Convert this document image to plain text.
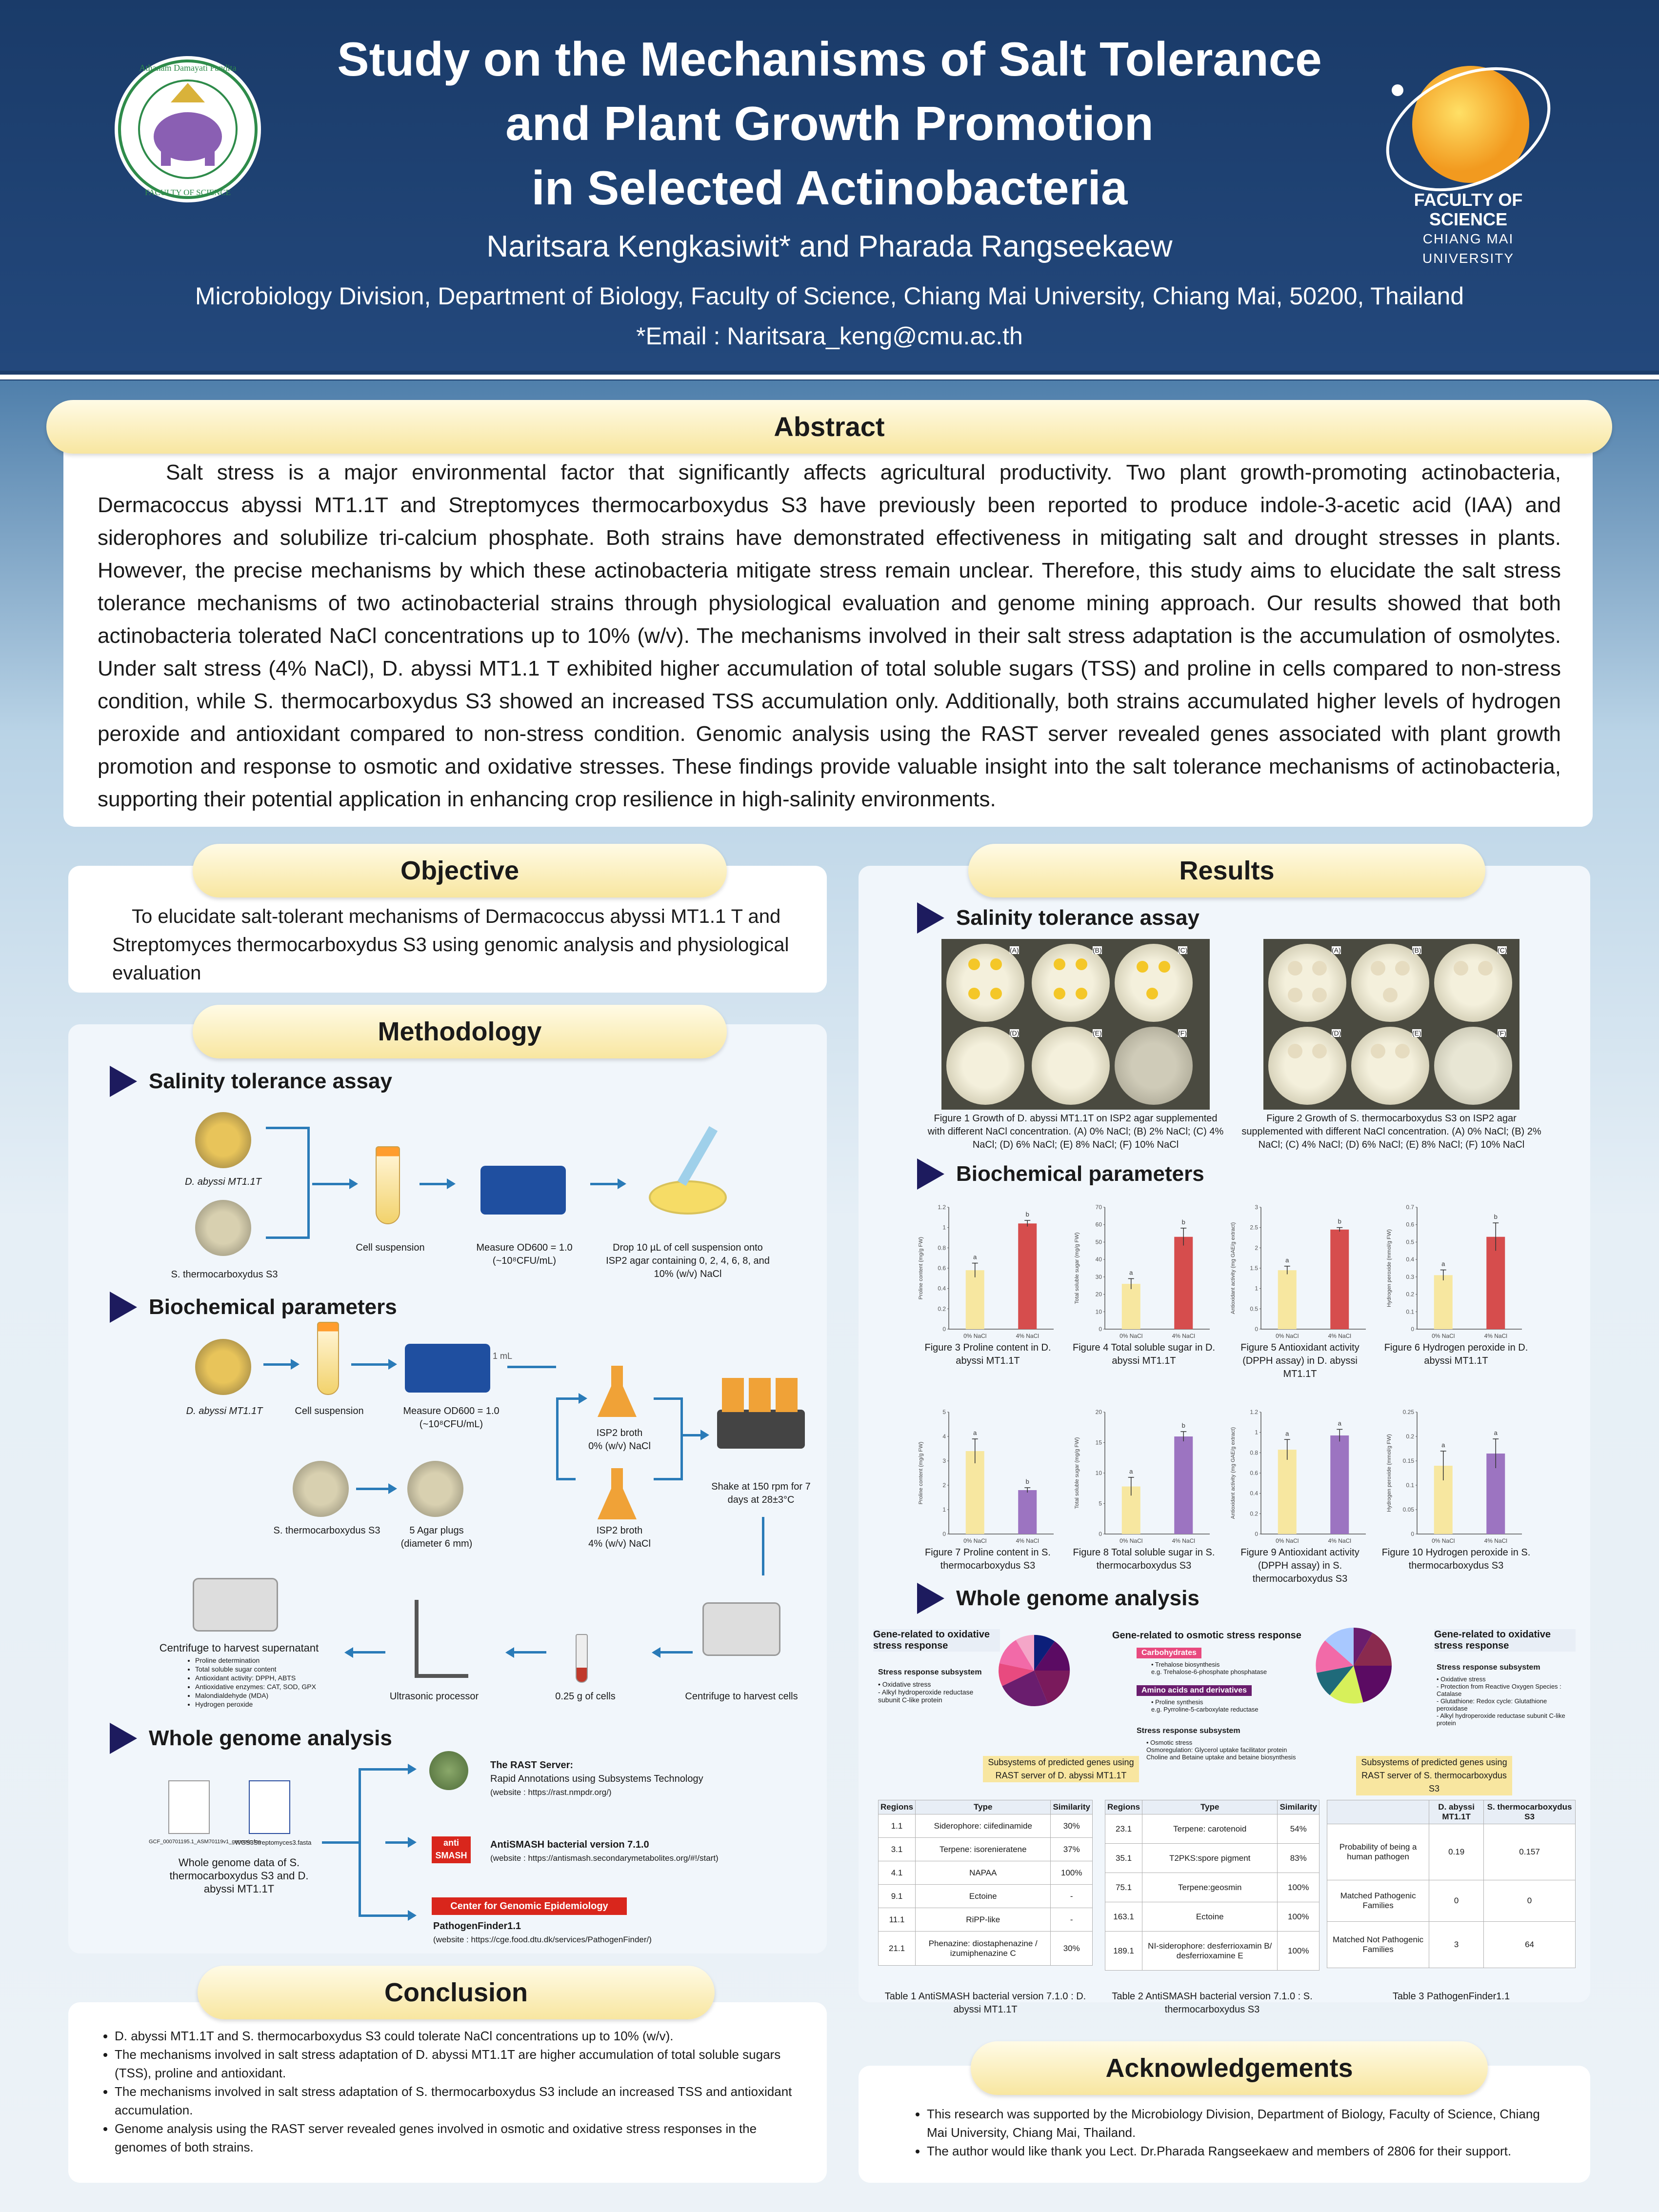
Athanam Damayati Pandita
FACULTY OF SCIENCE
Study on the Mechanisms of Salt Tolerance
and Plant Growth Promotion
in Selected Actinobacteria
Naritsara Kengkasiwit* and Pharada Rangseekaew
Microbiology Division, Department of Biology, Faculty of Science, Chiang Mai University, Chiang Mai, 50200, Thailand
*Email : Naritsara_keng@cmu.ac.th
FACULTY OF SCIENCE
CHIANG MAI UNIVERSITY
Abstract

Salt stress is a major environmental factor that significantly affects agricultural productivity. Two plant growth-promoting actinobacteria, Dermacoccus abyssi MT1.1T and Streptomyces thermocarboxydus S3 have previously been reported to produce indole-3-acetic acid (IAA) and siderophores and solubilize tri-calcium phosphate. Both strains have demonstrated effectiveness in mitigating salt and drought stresses in plants. However, the precise mechanisms by which these actinobacteria mitigate stress remain unclear. Therefore, this study aims to elucidate the salt stress tolerance mechanisms of two actinobacterial strains through physiological evaluation and genome mining approach. Our results showed that both actinobacteria tolerated NaCl concentrations up to 10% (w/v). The mechanisms involved in their salt stress adaptation is the accumulation of osmolytes. Under salt stress (4% NaCl), D. abyssi MT1.1 T exhibited higher accumulation of total soluble sugars (TSS) and proline in cells compared to non-stress condition, while S. thermocarboxydus S3 showed an increased TSS accumulation only. Additionally, both strains accumulated higher levels of hydrogen peroxide and antioxidant compared to non-stress condition. Genomic analysis using the RAST server revealed genes associated with plant growth promotion and response to osmotic and oxidative stresses. These findings provide valuable insight into the salt tolerance mechanisms of actinobacteria, supporting their potential application in enhancing crop resilience in high-salinity environments.

Objective
To elucidate salt-tolerant mechanisms of Dermacoccus abyssi MT1.1 T and Streptomyces thermocarboxydus S3 using genomic analysis and physiological evaluation
Methodology
Salinity tolerance assay
D. abyssi MT1.1T
S. thermocarboxydus S3
Cell suspension	Measure OD600 = 1.0
(~10⁸CFU/mL)
Drop 10 µL of cell suspension onto ISP2 agar containing 0, 2, 4, 6, 8, and 10% (w/v) NaCl
Biochemical parameters
D. abyssi MT1.1T	Cell suspension	Measure OD600 = 1.0
(~10⁸CFU/mL)
1 mL
ISP2 broth
0% (w/v) NaCl
ISP2 broth
4% (w/v) NaCl
Shake at 150 rpm for 7 days at 28±3°C
S. thermocarboxydus S3	5 Agar plugs (diameter 6 mm)
Centrifuge to harvest cells
0.25 g of cells
Ultrasonic processor
Centrifuge to harvest supernatant
• Proline determination
• Total soluble sugar content
• Antioxidant activity: DPPH, ABTS
• Antioxidative enzymes: CAT, SOD, GPX
• Malondialdehyde (MDA)
• Hydrogen peroxide
Whole genome analysis
GCF_000701195.1_ASM70119v1_genomic.fna
WGS3Streptomyces3.fasta
Whole genome data of S. thermocarboxydus S3 and D. abyssi MT1.1T
The RAST Server:
Rapid Annotations using Subsystems Technology
(website : https://rast.nmpdr.org/)
anti SMASH
AntiSMASH bacterial version 7.1.0
(website : https://antismash.secondarymetabolites.org/#!/start)
Center for Genomic Epidemiology
PathogenFinder1.1
(website : https://cge.food.dtu.dk/services/PathogenFinder/)
Conclusion
• D. abyssi MT1.1T and S. thermocarboxydus S3 could tolerate NaCl concentrations up to 10% (w/v).
• The mechanisms involved in salt stress adaptation of D. abyssi MT1.1T are higher accumulation of total soluble sugars (TSS), proline and antioxidant.
• The mechanisms involved in salt stress adaptation of S. thermocarboxydus S3 include an increased TSS and antioxidant accumulation.
• Genome analysis using the RAST server revealed genes involved in osmotic and oxidative stress responses in the genomes of both strains.
Results
Salinity tolerance assay
(A)	(B)	(C)
(D)	(E)	(F)
Figure 1 Growth of D. abyssi MT1.1T on ISP2 agar supplemented with different NaCl concentration. (A) 0% NaCl; (B) 2% NaCl; (C) 4% NaCl; (D) 6% NaCl; (E) 8% NaCl; (F) 10% NaCl
(A)	(B)	(C)
(D)	(E)	(F)
Figure 2 Growth of S. thermocarboxydus S3 on ISP2 agar supplemented with different NaCl concentration. (A) 0% NaCl; (B) 2% NaCl; (C) 4% NaCl; (D) 6% NaCl; (E) 8% NaCl; (F) 10% NaCl
Biochemical parameters
0
0.2
0.4
0.6
0.8
1
1.2
Proline content (mg/g FW)	a
0% NaCl
b
4% NaCl
Figure 3 Proline content in D. abyssi MT1.1T
0
10
20
30
40
50
60
70
Total soluble sugar (mg/g FW)	a
0% NaCl
b
4% NaCl
Figure 4 Total soluble sugar in D. abyssi MT1.1T
0
0.5
1
1.5
2
2.5
3
Antioxidant activity (mg GAE/g extract)	a
0% NaCl
b
4% NaCl
Figure 5 Antioxidant activity (DPPH assay) in D. abyssi MT1.1T
0
0.1
0.2
0.3
0.4
0.5
0.6
0.7
Hydrogen peroxide (mmol/g FW)	a
0% NaCl
b
4% NaCl
Figure 6 Hydrogen peroxide in D. abyssi MT1.1T
0
1
2
3
4
5
Proline content (mg/g FW)
a
0% NaCl
b
4% NaCl
Figure 7 Proline content in S. thermocarboxydus S3
0
5
10
15
20
Total soluble sugar (mg/g FW)	a
0% NaCl
b
4% NaCl
Figure 8 Total soluble sugar in S. thermocarboxydus S3
0
0.2
0.4
0.6
0.8
1
1.2
Antioxidant activity (mg GAE/g extract)	a
0% NaCl
a
4% NaCl
Figure 9 Antioxidant activity (DPPH assay) in S. thermocarboxydus S3
0
0.05
0.1
0.15
0.2
0.25
Hydrogen peroxide (mmol/g FW)	a
0% NaCl
a
4% NaCl
Figure 10 Hydrogen peroxide in S. thermocarboxydus S3
Whole genome analysis
Gene-related to oxidative stress response
Stress response subsystem
• Oxidative stress
- Alkyl hydroperoxide reductase subunit C-like protein
Subsystems of predicted genes using RAST server of D. abyssi MT1.1T
Gene-related to osmotic stress response
Carbohydrates
• Trehalose biosynthesis
e.g. Trehalose-6-phosphate phosphatase
Amino acids and derivatives
• Proline synthesis
e.g. Pyrroline-5-carboxylate reductase
Stress response subsystem
• Osmotic stress
Osmoregulation: Glycerol uptake facilitator protein
Choline and Betaine uptake and betaine biosynthesis
Gene-related to oxidative stress response
Stress response subsystem
• Oxidative stress
- Protection from Reactive Oxygen Species : Catalase
- Glutathione: Redox cycle: Glutathione peroxidase
- Alkyl hydroperoxide reductase subunit C-like protein
Subsystems of predicted genes using RAST server of S. thermocarboxydus S3
Regions	Type	Similarity
1.1	Siderophore: ciifedinamide	30%
3.1	Terpene: isorenieratene	37%
4.1	NAPAA	100%
9.1	Ectoine	-
11.1	RiPP-like	-
21.1	Phenazine: diostaphenazine / izumiphenazine C	30%
Table 1 AntiSMASH bacterial version 7.1.0 : D. abyssi MT1.1T
Regions	Type	Similarity
23.1	Terpene: carotenoid	54%
35.1	T2PKS:spore pigment	83%
75.1	Terpene:geosmin	100%
163.1	Ectoine	100%
189.1	NI-siderophore: desferrioxamin B/ desferrioxamine E	100%
Table 2 AntiSMASH bacterial version 7.1.0 : S. thermocarboxydus S3
	D. abyssi MT1.1T	S. thermocarboxydus S3
Probability of being a human pathogen	0.19	0.157
Matched Pathogenic Families	0	0
Matched Not Pathogenic Families	3	64
Table 3 PathogenFinder1.1
Acknowledgements
• This research was supported by the Microbiology Division, Department of Biology, Faculty of Science, Chiang Mai University, Chiang Mai, Thailand.
• The author would like thank you Lect. Dr.Pharada Rangseekaew and members of 2806 for their support.
